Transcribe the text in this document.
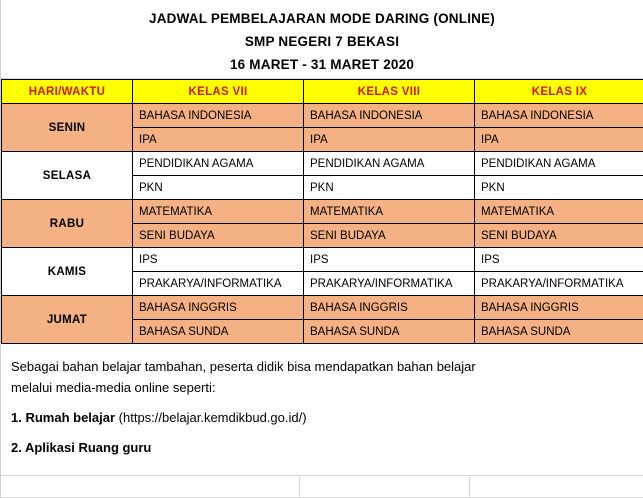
JADWAL PEMBELAJARAN MODE DARING (ONLINE)
SMP NEGERI 7 BEKASI
16 MARET - 31 MARET 2020
HARI/WAKTU	KELAS VII	KELAS VIII	KELAS IX
SENIN	BAHASA INDONESIA	BAHASA INDONESIA	BAHASA INDONESIA
	IPA	IPA	IPA
SELASA	PENDIDIKAN AGAMA	PENDIDIKAN AGAMA	PENDIDIKAN AGAMA
	PKN	PKN	PKN
RABU	MATEMATIKA	MATEMATIKA	MATEMATIKA
	SENI BUDAYA	SENI BUDAYA	SENI BUDAYA
KAMIS	IPS	IPS	IPS
	PRAKARYA/INFORMATIKA	PRAKARYA/INFORMATIKA	PRAKARYA/INFORMATIKA
JUMAT	BAHASA INGGRIS	BAHASA INGGRIS	BAHASA INGGRIS
	BAHASA SUNDA	BAHASA SUNDA	BAHASA SUNDA

Sebagai bahan belajar tambahan, peserta didik bisa mendapatkan bahan belajar

melalui media-media online seperti:

1. Rumah belajar (https://belajar.kemdikbud.go.id/)

2. Aplikasi Ruang guru
